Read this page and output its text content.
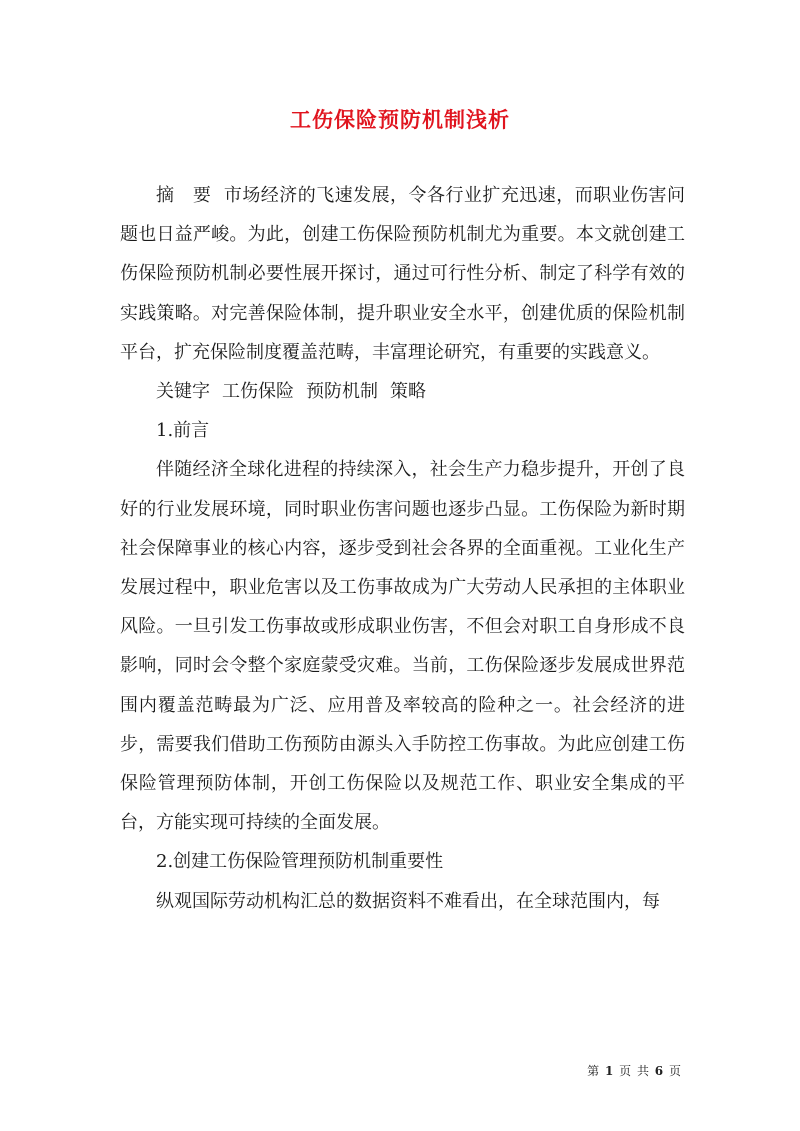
工伤保险预防机制浅析

摘　要 市场经济的飞速发展，令各行业扩充迅速，而职业伤害问题也日益严峻。为此，创建工伤保险预防机制尤为重要。本文就创建工伤保险预防机制必要性展开探讨，通过可行性分析、制定了科学有效的实践策略。对完善保险体制，提升职业安全水平，创建优质的保险机制平台，扩充保险制度覆盖范畴，丰富理论研究，有重要的实践意义。

关键字 工伤保险 预防机制 策略

1.前言

伴随经济全球化进程的持续深入，社会生产力稳步提升，开创了良好的行业发展环境，同时职业伤害问题也逐步凸显。工伤保险为新时期社会保障事业的核心内容，逐步受到社会各界的全面重视。工业化生产发展过程中，职业危害以及工伤事故成为广大劳动人民承担的主体职业风险。一旦引发工伤事故或形成职业伤害，不但会对职工自身形成不良影响，同时会令整个家庭蒙受灾难。当前，工伤保险逐步发展成世界范围内覆盖范畴最为广泛、应用普及率较高的险种之一。社会经济的进步，需要我们借助工伤预防由源头入手防控工伤事故。为此应创建工伤保险管理预防体制，开创工伤保险以及规范工作、职业安全集成的平台，方能实现可持续的全面发展。

2.创建工伤保险管理预防机制重要性

纵观国际劳动机构汇总的数据资料不难看出，在全球范围内，每

第 1 页 共 6 页
